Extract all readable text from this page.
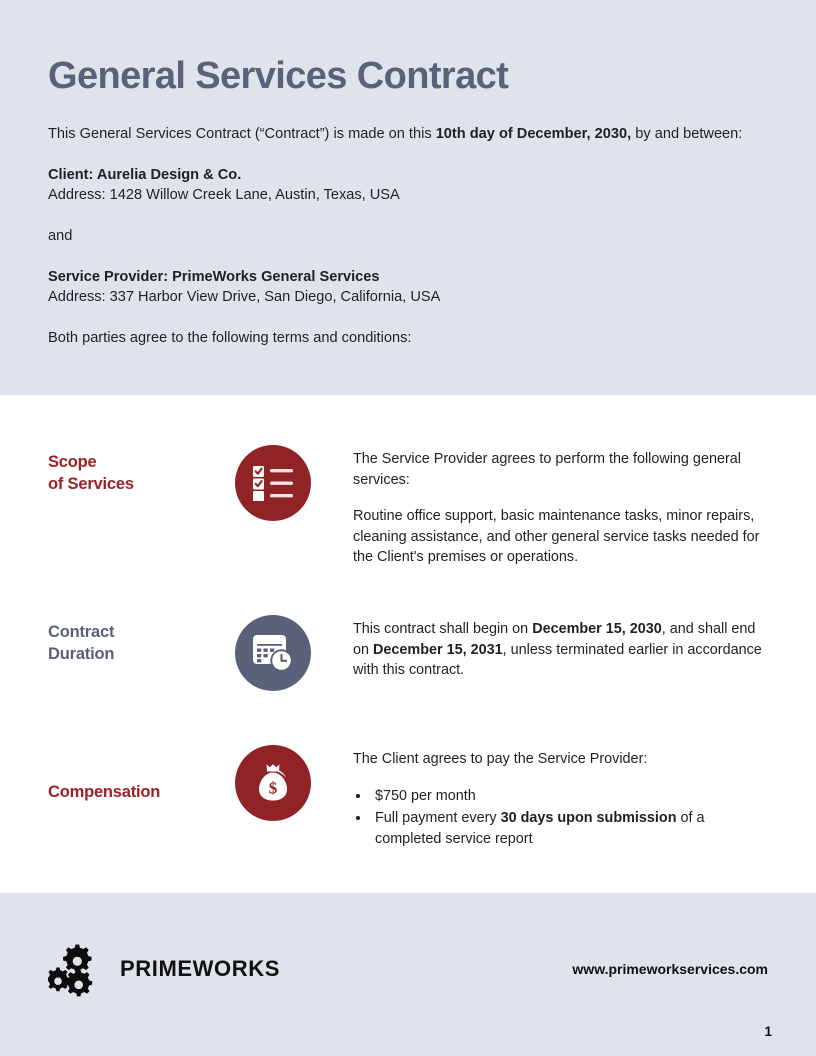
General Services Contract
This General Services Contract (“Contract”) is made on this 10th day of December, 2030, by and between:
Client: Aurelia Design & Co.
Address: 1428 Willow Creek Lane, Austin, Texas, USA
and
Service Provider: PrimeWorks General Services
Address: 337 Harbor View Drive, San Diego, California, USA
Both parties agree to the following terms and conditions:
Scope
of Services

The Service Provider agrees to perform the following general services:

Routine office support, basic maintenance tasks, minor repairs, cleaning assistance, and other general service tasks needed for the Client's premises or operations.

Contract
Duration

This contract shall begin on December 15, 2030, and shall end on December 15, 2031, unless terminated earlier in accordance with this contract.

Compensation	$

The Client agrees to pay the Service Provider:

• $750 per month
• Full payment every 30 days upon submission of a completed service report
PRIMEWORKS	www.primeworkservices.com
1
